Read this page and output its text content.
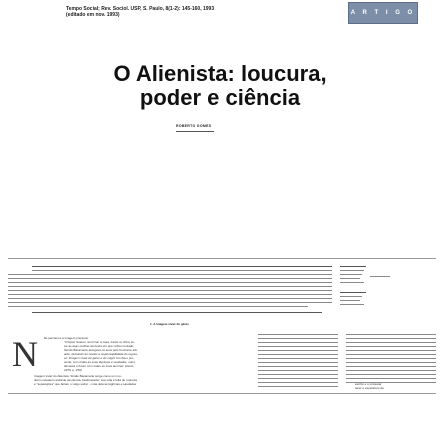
Tempo Social; Rev. Sociol. USP, S. Paulo, 8(1-2): 145-160, 1993
(editado em nov. 1993)	A R T I G O
O Alienista: loucura, poder e ciência
ROBERTO GOMES
1. A imagem vivaz do gênio
N ão percamos a imagem preciosa:
"Crispim Soares, ao tornar à casa, trazia os olhos en-
tre as duas orelhas da besta em que vinha montado;
Simão Bacamarte alongava os seus pelo horizonte adi-
ante, deixando ao cavalo a responsabilidade do regres-
so. Imagem vivaz do gênio e do vulgo! Um fita o pre-
sente, com todas as suas lágrimas e saudades, outro
devassa o futuro com todas as suas auroras" (Assis,
1979, p. 259).
Imagem vivaz do Alienista. Simão Bacamarte surge como um mo-
derno cavaleiro andante da ciência. Desbravador, sua vida é feita de rupturas
e "separações" que fariam o vulgo sofrer – mas dela as lágrimas e saudades	escrito e o protestar
tecer o espetáculo da
